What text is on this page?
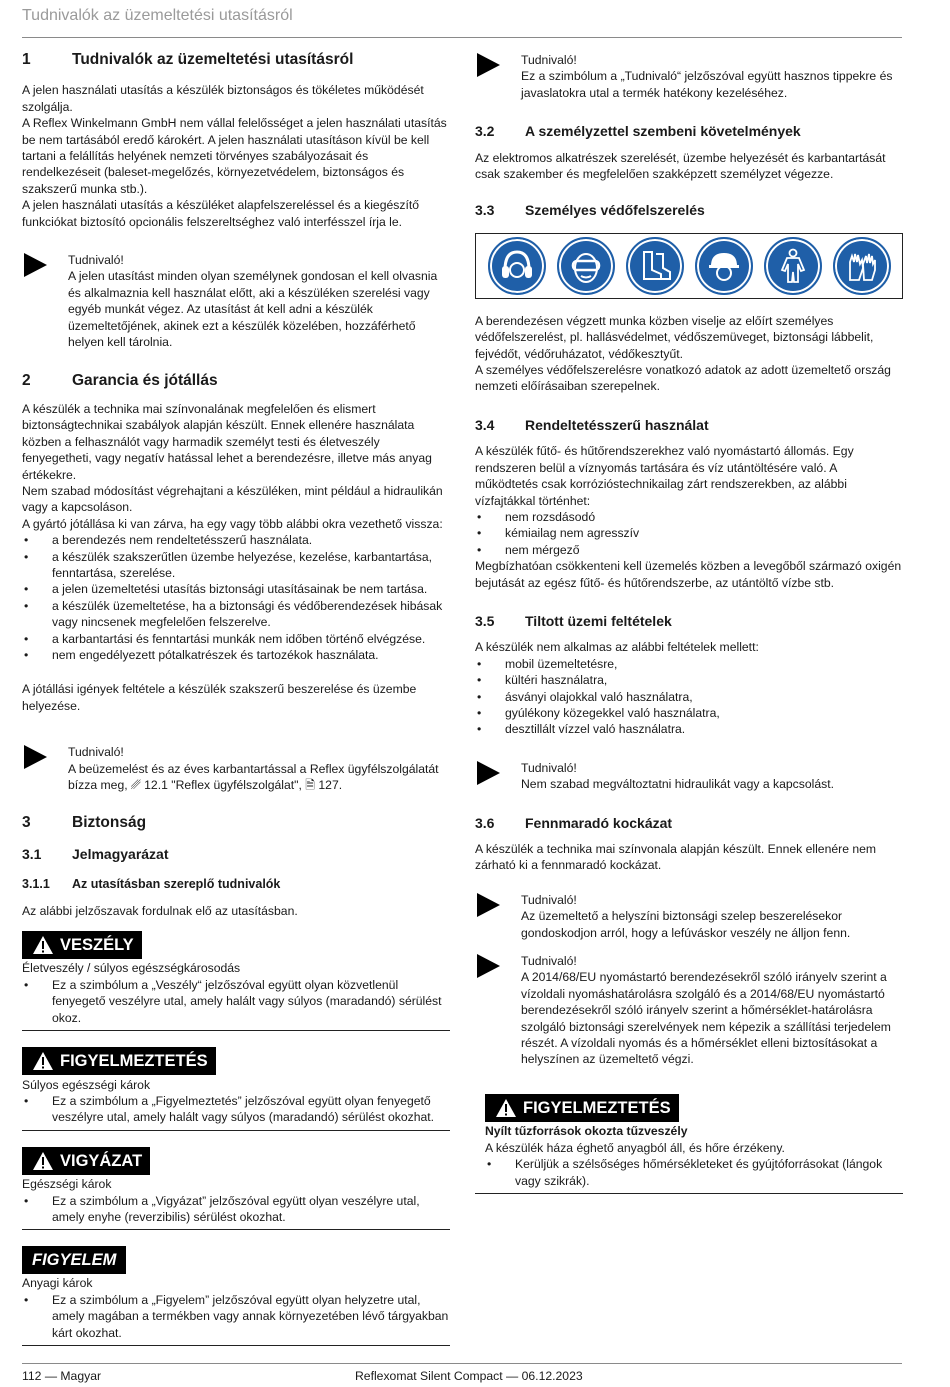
Tudnivalók az üzemeltetési utasításról
1	Tudnivalók az üzemeltetési utasításról

A jelen használati utasítás a készülék biztonságos és tökéletes működését szolgálja.

A Reflex Winkelmann GmbH nem vállal felelősséget a jelen használati utasítás be nem tartásából eredő károkért. A jelen használati utasításon kívül be kell tartani a felállítás helyének nemzeti törvényes szabályozásait és rendelkezéseit (baleset-megelőzés, környezetvédelem, biztonságos és szakszerű munka stb.).

A jelen használati utasítás a készüléket alapfelszereléssel és a kiegészítő funkciókat biztosító opcionális felszereltséghez való interfésszel írja le.

Tudnivaló!
A jelen utasítást minden olyan személynek gondosan el kell olvasnia és alkalmaznia kell használat előtt, aki a készüléken szerelési vagy egyéb munkát végez. Az utasítást át kell adni a készülék üzemeltetőjének, akinek ezt a készülék közelében, hozzáférhető helyen kell tárolnia.
2	Garancia és jótállás

A készülék a technika mai színvonalának megfelelően és elismert biztonságtechnikai szabályok alapján készült. Ennek ellenére használata közben a felhasználót vagy harmadik személyt testi és életveszély fenyegetheti, vagy negatív hatással lehet a berendezésre, illetve más anyag értékekre.

Nem szabad módosítást végrehajtani a készüléken, mint például a hidraulikán vagy a kapcsoláson.

A gyártó jótállása ki van zárva, ha egy vagy több alábbi okra vezethető vissza:

• a berendezés nem rendeltetésszerű használata.
• a készülék szakszerűtlen üzembe helyezése, kezelése, karbantartása, fenntartása, szerelése.
• a jelen üzemeltetési utasítás biztonsági utasításainak be nem tartása.
• a készülék üzemeltetése, ha a biztonsági és védőberendezések hibásak vagy nincsenek megfelelően felszerelve.
• a karbantartási és fenntartási munkák nem időben történő elvégzése.
• nem engedélyezett pótalkatrészek és tartozékok használata.

A jótállási igények feltétele a készülék szakszerű beszerelése és üzembe helyezése.

Tudnivaló!
A beüzemelést és az éves karbantartással a Reflex ügyfélszolgálatát bízza meg, ␥ 12.1 "Reflex ügyfélszolgálat", 🗎 127.
3	Biztonság
3.1	Jelmagyarázat
3.1.1	Az utasításban szereplő tudnivalók

Az alábbi jelzőszavak fordulnak elő az utasításban.

VESZÉLY
Életveszély / súlyos egészségkárosodás
• Ez a szimbólum a „Veszély“ jelzőszóval együtt olyan közvetlenül fenyegető veszélyre utal, amely halált vagy súlyos (maradandó) sérülést okoz.
FIGYELMEZTETÉS
Súlyos egészségi károk
• Ez a szimbólum a „Figyelmeztetés” jelzőszóval együtt olyan fenyegető veszélyre utal, amely halált vagy súlyos (maradandó) sérülést okozhat.
VIGYÁZAT
Egészségi károk
• Ez a szimbólum a „Vigyázat” jelzőszóval együtt olyan veszélyre utal, amely enyhe (reverzibilis) sérülést okozhat.
FIGYELEM
Anyagi károk
• Ez a szimbólum a „Figyelem” jelzőszóval együtt olyan helyzetre utal, amely magában a termékben vagy annak környezetében lévő tárgyakban kárt okozhat.
Tudnivaló!
Ez a szimbólum a „Tudnivaló“ jelzőszóval együtt hasznos tippekre és javaslatokra utal a termék hatékony kezeléséhez.
3.2	A személyzettel szembeni követelmények

Az elektromos alkatrészek szerelését, üzembe helyezését és karbantartását csak szakember és megfelelően szakképzett személyzet végezze.

3.3	Személyes védőfelszerelés

A berendezésen végzett munka közben viselje az előírt személyes védőfelszerelést, pl. hallásvédelmet, védőszemüveget, biztonsági lábbelit, fejvédőt, védőruházatot, védőkesztyűt.

A személyes védőfelszerelésre vonatkozó adatok az adott üzemeltető ország nemzeti előírásaiban szerepelnek.

3.4	Rendeltetésszerű használat

A készülék fűtő- és hűtőrendszerekhez való nyomástartó állomás. Egy rendszeren belül a víznyomás tartására és víz utántöltésére való. A működtetés csak korrózióstechnikailag zárt rendszerekben, az alábbi vízfajtákkal történhet:

• nem rozsdásodó
• kémiailag nem agresszív
• nem mérgező

Megbízhatóan csökkenteni kell üzemelés közben a levegőből származó oxigén bejutását az egész fűtő- és hűtőrendszerbe, az utántöltő vízbe stb.

3.5	Tiltott üzemi feltételek

A készülék nem alkalmas az alábbi feltételek mellett:

• mobil üzemeltetésre,
• kültéri használatra,
• ásványi olajokkal való használatra,
• gyúlékony közegekkel való használatra,
• desztillált vízzel való használatra.
Tudnivaló!
Nem szabad megváltoztatni hidraulikát vagy a kapcsolást.
3.6	Fennmaradó kockázat

A készülék a technika mai színvonala alapján készült. Ennek ellenére nem zárható ki a fennmaradó kockázat.

Tudnivaló!
Az üzemeltető a helyszíni biztonsági szelep beszerelésekor gondoskodjon arról, hogy a lefúváskor veszély ne álljon fenn.
Tudnivaló!
A 2014/68/EU nyomástartó berendezésekről szóló irányelv szerint a vízoldali nyomáshatárolásra szolgáló és a 2014/68/EU nyomástartó berendezésekről szóló irányelv szerint a hőmérséklet-határolásra szolgáló biztonsági szerelvények nem képezik a szállítási terjedelem részét. A vízoldali nyomás és a hőmérséklet elleni biztosításokat a helyszínen az üzemeltető végzi.
FIGYELMEZTETÉS
Nyílt tűzforrások okozta tűzveszély
A készülék háza éghető anyagból áll, és hőre érzékeny.
• Kerüljük a szélsőséges hőmérsékleteket és gyújtóforrásokat (lángok vagy szikrák).
112 — Magyar	Reflexomat Silent Compact — 06.12.2023
